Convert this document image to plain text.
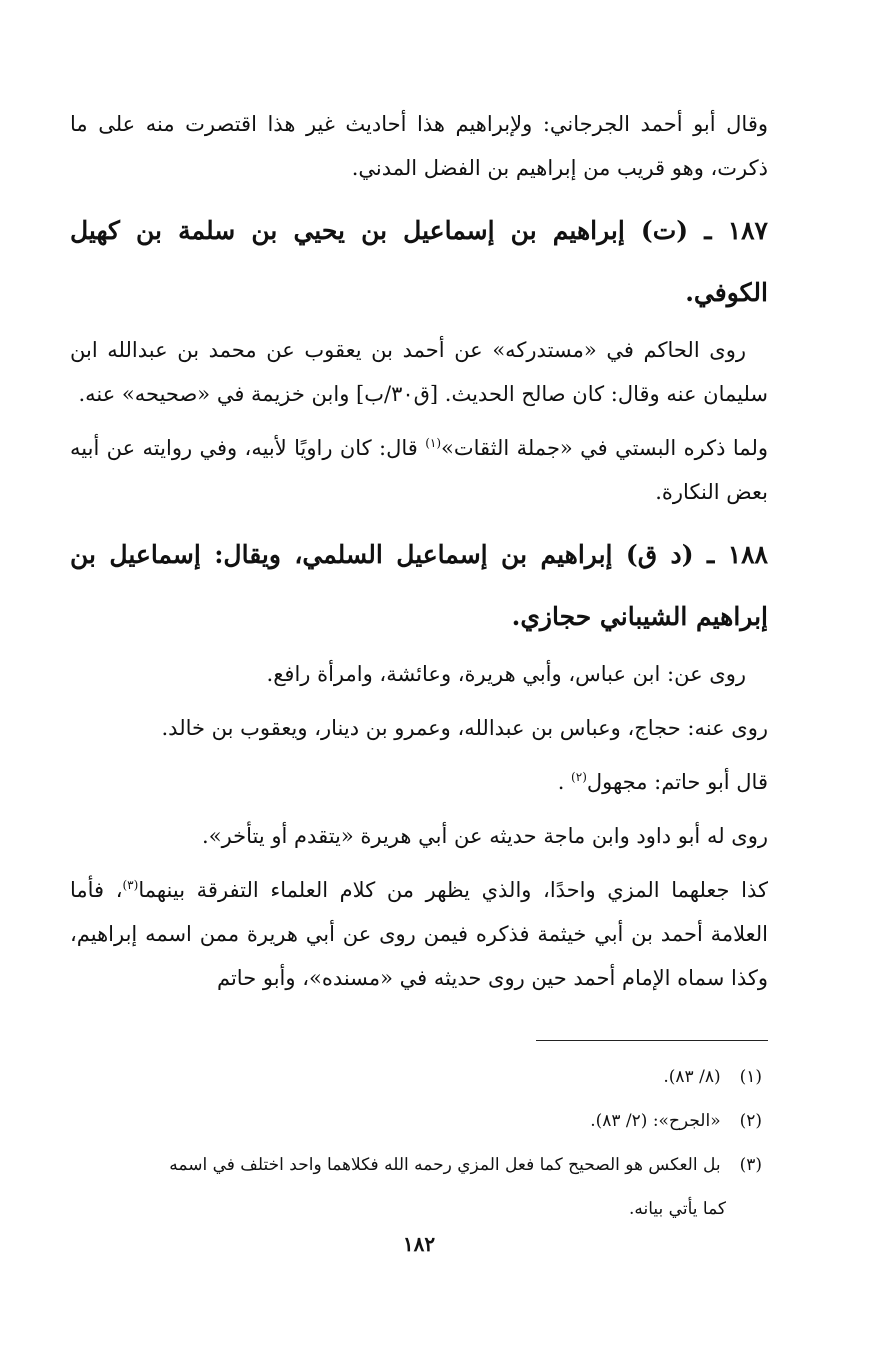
وقال أبو أحمد الجرجاني: ولإبراهيم هذا أحاديث غير هذا اقتصرت منه على ما ذكرت، وهو قريب من إبراهيم بن الفضل المدني.

١٨٧ ـ (ت) إبراهيم بن إسماعيل بن يحيي بن سلمة بن كهيل الكوفي.

روى الحاكم في «مستدركه» عن أحمد بن يعقوب عن محمد بن عبدالله ابن سليمان عنه وقال: كان صالح الحديث. [ق٣٠/ب] وابن خزيمة في «صحيحه» عنه.

ولما ذكره البستي في «جملة الثقات»$^{(١)}$ قال: كان راويًا لأبيه، وفي روايته عن أبيه بعض النكارة.

١٨٨ ـ (د ق) إبراهيم بن إسماعيل السلمي، ويقال: إسماعيل بن إبراهيم الشيباني حجازي.

روى عن: ابن عباس، وأبي هريرة، وعائشة، وامرأة رافع.

روى عنه: حجاج، وعباس بن عبدالله، وعمرو بن دينار، ويعقوب بن خالد.

قال أبو حاتم: مجهول$^{(٢)}$ .

روى له أبو داود وابن ماجة حديثه عن أبي هريرة «يتقدم أو يتأخر».

كذا جعلهما المزي واحدًا، والذي يظهر من كلام العلماء التفرقة بينهما$^{(٣)}$، فأما العلامة أحمد بن أبي خيثمة فذكره فيمن روى عن أبي هريرة ممن اسمه إبراهيم، وكذا سماه الإمام أحمد حين روى حديثه في «مسنده»، وأبو حاتم

(١) (٨/ ٨٣).

(٢) «الجرح»: (٢/ ٨٣).

(٣) بل العكس هو الصحيح كما فعل المزي رحمه الله فكلاهما واحد اختلف في اسمه

كما يأتي بيانه.

١٨٢
